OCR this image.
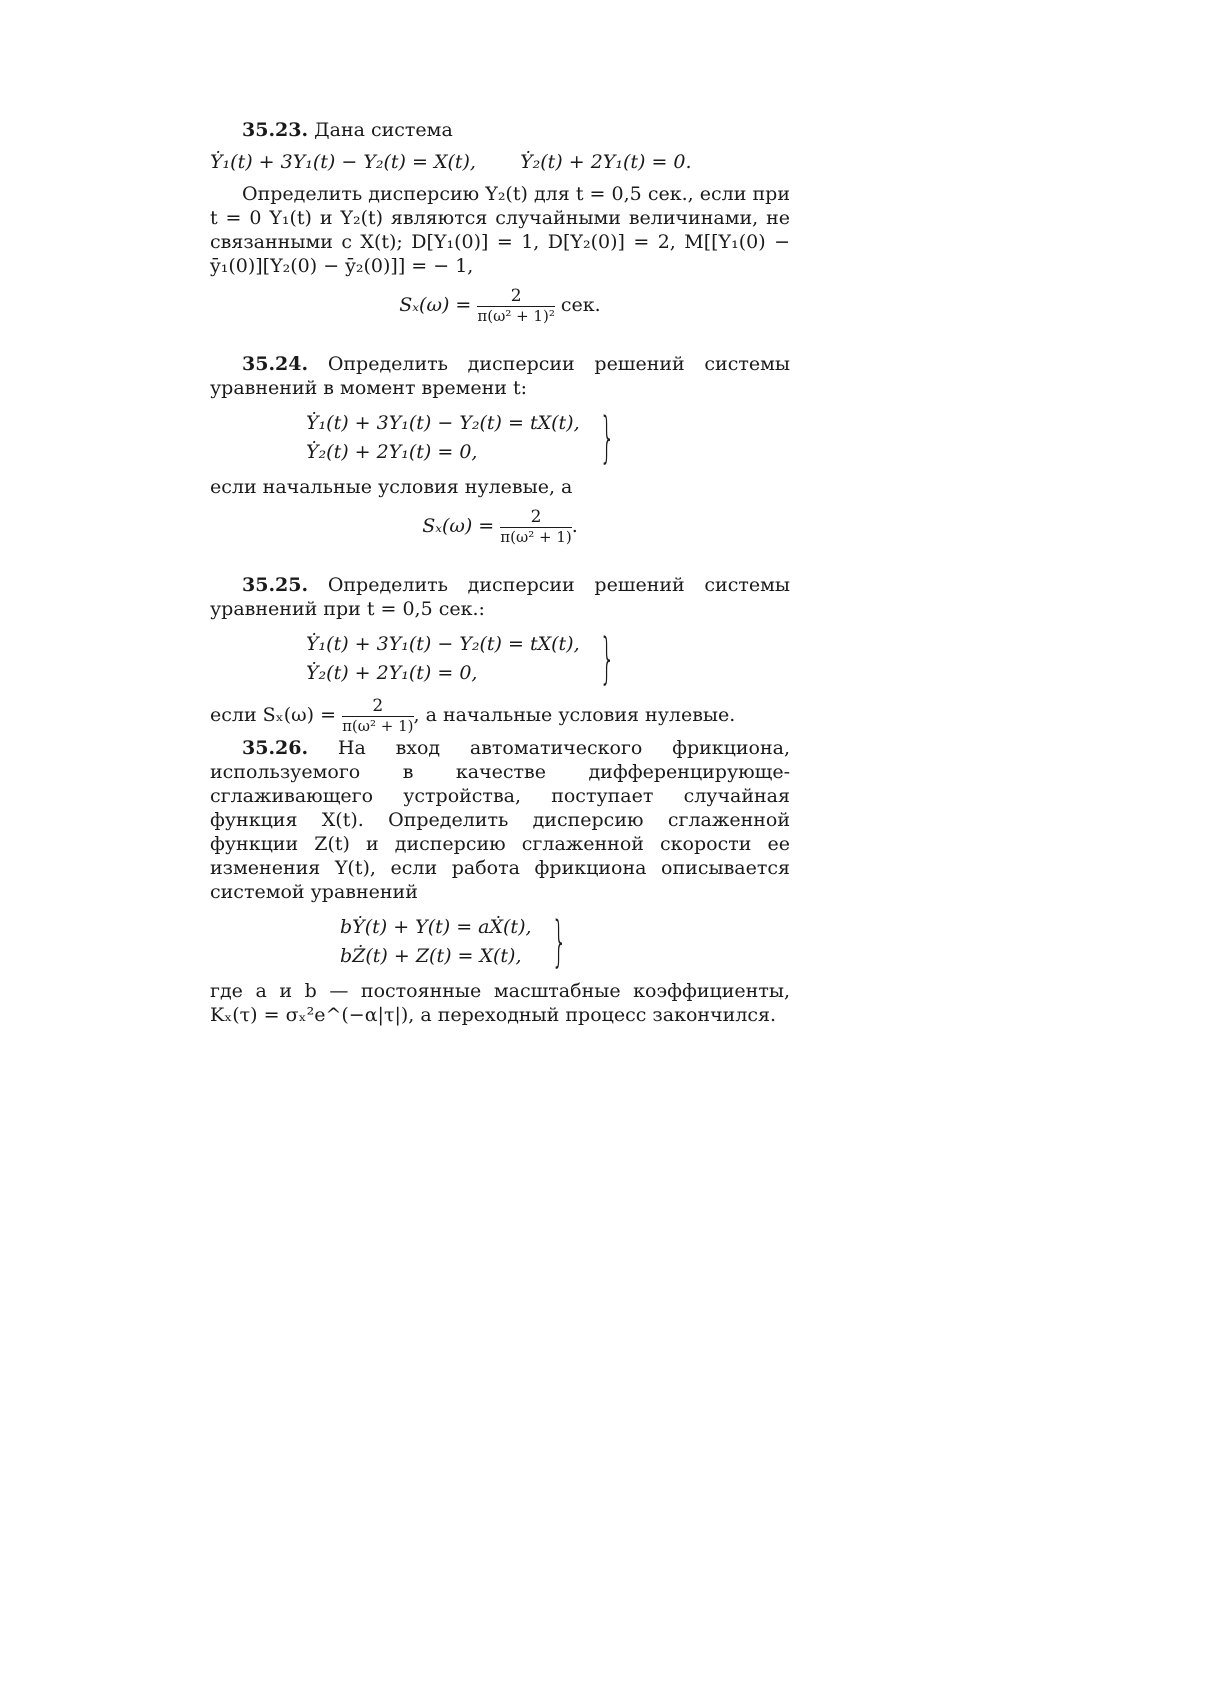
35.23. Дана система

Ẏ₁(t) + 3Y₁(t) − Y₂(t) = X(t), Ẏ₂(t) + 2Y₁(t) = 0.

Определить дисперсию Y₂(t) для t = 0,5 сек., если при t = 0 Y₁(t) и Y₂(t) являются случайными величинами, не связанными с X(t); D[Y₁(0)] = 1, D[Y₂(0)] = 2, M[[Y₁(0) − ȳ₁(0)][Y₂(0) − ȳ₂(0)]] = − 1,

$S_x(\omega) = \frac{2}{\text{π(ω² + 1)²}}$ сек.

35.24. Определить дисперсии решений системы уравнений в момент времени t:

Ẏ₁(t) + 3Y₁(t) − Y₂(t) = tX(t),
Ẏ₂(t) + 2Y₁(t) = 0,	}

если начальные условия нулевые, а

$S_x(\omega) = \frac{2}{\text{π(ω² + 1)}}$ .

35.25. Определить дисперсии решений системы уравнений при t = 0,5 сек.:

Ẏ₁(t) + 3Y₁(t) − Y₂(t) = tX(t),
Ẏ₂(t) + 2Y₁(t) = 0,	}

если $S_x(\omega) = \frac{2}{\text{π(ω² + 1)}}$ , а начальные условия нулевые.

35.26. На вход автоматического фрикциона, используемого в качестве дифференцирующе-сглаживающего устройства, поступает случайная функция X(t). Определить дисперсию сглаженной функции Z(t) и дисперсию сглаженной скорости ее изменения Y(t), если работа фрикциона описывается системой уравнений

bẎ(t) + Y(t) = aẊ(t),
bŻ(t) + Z(t) = X(t), }

где a и b — постоянные масштабные коэффициенты, Kₓ(τ) = σₓ²e^(−α|τ|), а переходный процесс закончился.
